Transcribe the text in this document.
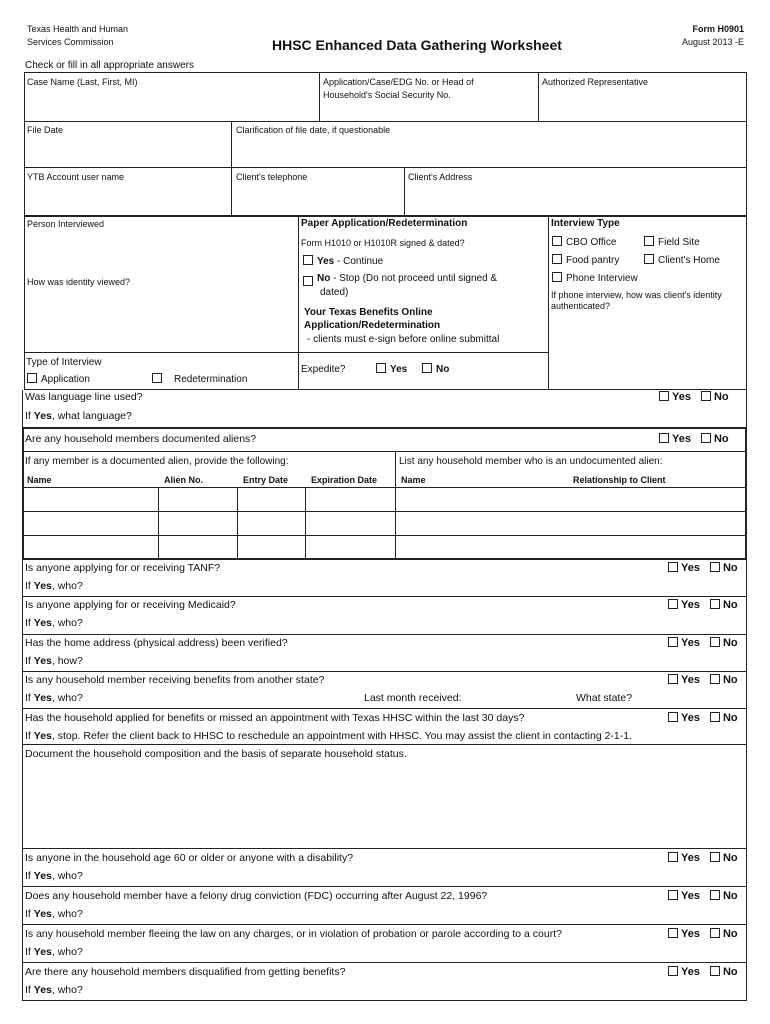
Texas Health and Human
Services Commission	HHSC Enhanced Data Gathering Worksheet
Form H0901
August 2013 -E
Check or fill in all appropriate answers
Case Name (Last, First, MI)	Application/Case/EDG No. or Head of
Household's Social Security No.
Authorized Representative
File Date	Clarification of file date, if questionable
YTB Account user name	Client's telephone	Client's Address
Person Interviewed
How was identity viewed?
Paper Application/Redetermination
Form H1010 or H1010R signed & dated?
Yes - Continue
No - Stop (Do not proceed until signed &
dated)
Your Texas Benefits Online
Application/Redetermination
- clients must e-sign before online submittal
Interview Type
CBO Office	Field Site
Food pantry	Client's Home
Phone Interview
If phone interview, how was client's identity
authenticated?
Type of Interview
Application	Redetermination
Expedite?	Yes	No
Was language line used?	Yes No
If Yes, what language?
Are any household members documented aliens?	Yes No
If any member is a documented alien, provide the following:	List any household member who is an undocumented alien:
Name	Alien No.	Entry Date	Expiration Date	Name	Relationship to Client
Is anyone applying for or receiving TANF?	Yes No
If Yes, who?
Is anyone applying for or receiving Medicaid?	Yes No
If Yes, who?
Has the home address (physical address) been verified?	Yes No
If Yes, how?
Is any household member receiving benefits from another state?	Yes No
If Yes, who?	Last month received:	What state?
Has the household applied for benefits or missed an appointment with Texas HHSC within the last 30 days?	Yes No
If Yes, stop. Refer the client back to HHSC to reschedule an appointment with HHSC. You may assist the client in contacting 2-1-1.
Document the household composition and the basis of separate household status.
Is anyone in the household age 60 or older or anyone with a disability?	Yes No
If Yes, who?
Does any household member have a felony drug conviction (FDC) occurring after August 22, 1996?	Yes No
If Yes, who?
Is any household member fleeing the law on any charges, or in violation of probation or parole according to a court?	Yes No
If Yes, who?
Are there any household members disqualified from getting benefits?	Yes No
If Yes, who?
